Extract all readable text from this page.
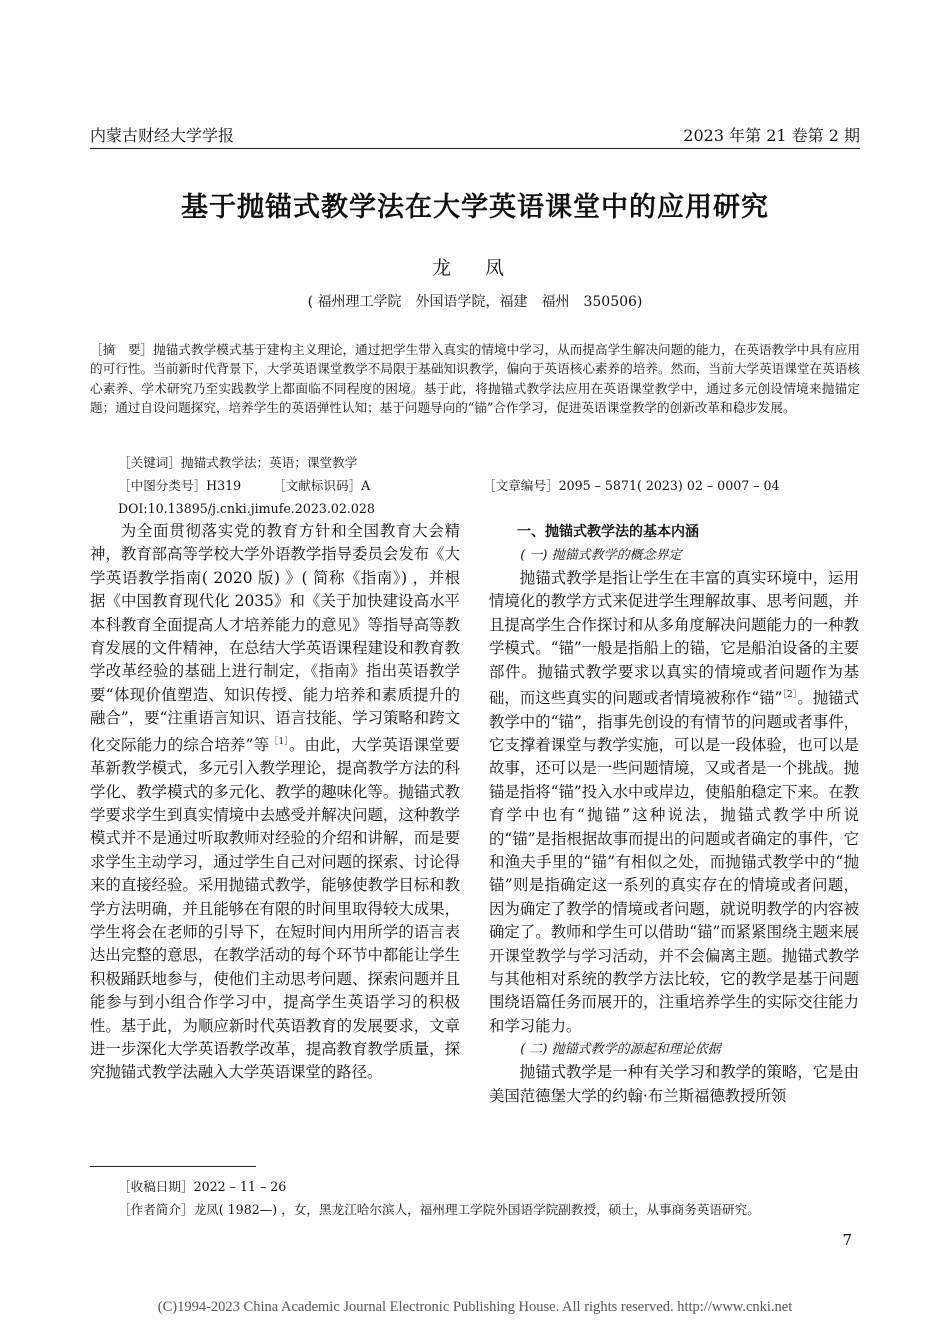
内蒙古财经大学学报	2023 年第 21 卷第 2 期
基于抛锚式教学法在大学英语课堂中的应用研究
龙 凤
( 福州理工学院　外国语学院，福建　福州　350506)
［摘　要］抛锚式教学模式基于建构主义理论，通过把学生带入真实的情境中学习，从而提高学生解决问题的能力，在英语教学中具有应用的可行性。当前新时代背景下，大学英语课堂教学不局限于基础知识教学，偏向于英语核心素养的培养。然而，当前大学英语课堂在英语核心素养、学术研究乃至实践教学上都面临不同程度的困境。基于此，将抛锚式教学法应用在英语课堂教学中，通过多元创设情境来抛锚定题；通过自设问题探究，培养学生的英语弹性认知；基于问题导向的“锚”合作学习，促进英语课堂教学的创新改革和稳步发展。
［关键词］抛锚式教学法；英语；课堂教学
［中图分类号］H319	［文献标识码］A	［文章编号］2095 – 5871( 2023) 02 – 0007 – 04
DOI:10.13895/j.cnki.jimufe.2023.02.028

为全面贯彻落实党的教育方针和全国教育大会精神，教育部高等学校大学外语教学指导委员会发布《大学英语教学指南( 2020 版) 》( 简称《指南》) ，并根据《中国教育现代化 2035》和《关于加快建设高水平本科教育全面提高人才培养能力的意见》等指导高等教育发展的文件精神，在总结大学英语课程建设和教育教学改革经验的基础上进行制定，《指南》指出英语教学要“体现价值塑造、知识传授、能力培养和素质提升的融合”，要“注重语言知识、语言技能、学习策略和跨文化交际能力的综合培养”等$^{[1]}$。由此，大学英语课堂要革新教学模式，多元引入教学理论，提高教学方法的科学化、教学模式的多元化、教学的趣味化等。抛锚式教学要求学生到真实情境中去感受并解决问题，这种教学模式并不是通过听取教师对经验的介绍和讲解，而是要求学生主动学习，通过学生自己对问题的探索、讨论得来的直接经验。采用抛锚式教学，能够使教学目标和教学方法明确，并且能够在有限的时间里取得较大成果，学生将会在老师的引导下，在短时间内用所学的语言表达出完整的意思，在教学活动的每个环节中都能让学生积极踊跃地参与，使他们主动思考问题、探索问题并且能参与到小组合作学习中，提高学生英语学习的积极性。基于此，为顺应新时代英语教育的发展要求，文章进一步深化大学英语教学改革，提高教育教学质量，探究抛锚式教学法融入大学英语课堂的路径。

一、抛锚式教学法的基本内涵
( 一) 抛锚式教学的概念界定

抛锚式教学是指让学生在丰富的真实环境中，运用情境化的教学方式来促进学生理解故事、思考问题，并且提高学生合作探讨和从多角度解决问题能力的一种教学模式。“锚”一般是指船上的锚，它是船泊设备的主要部件。抛锚式教学要求以真实的情境或者问题作为基础，而这些真实的问题或者情境被称作“锚”$^{[2]}$。抛锚式教学中的“锚”，指事先创设的有情节的问题或者事件，它支撑着课堂与教学实施，可以是一段体验，也可以是故事，还可以是一些问题情境，又或者是一个挑战。抛锚是指将“锚”投入水中或岸边，使船舶稳定下来。在教育学中也有“抛锚”这种说法，抛锚式教学中所说的“锚”是指根据故事而提出的问题或者确定的事件，它和渔夫手里的“锚”有相似之处，而抛锚式教学中的“抛锚”则是指确定这一系列的真实存在的情境或者问题，因为确定了教学的情境或者问题，就说明教学的内容被确定了。教师和学生可以借助“锚”而紧紧围绕主题来展开课堂教学与学习活动，并不会偏离主题。抛锚式教学与其他相对系统的教学方法比较，它的教学是基于问题围绕语篇任务而展开的，注重培养学生的实际交往能力和学习能力。

( 二) 抛锚式教学的源起和理论依据

抛锚式教学是一种有关学习和教学的策略，它是由美国范德堡大学的约翰·布兰斯福德教授所领

［收稿日期］2022 – 11 – 26
［作者简介］龙凤( 1982—) ，女，黑龙江哈尔滨人，福州理工学院外国语学院副教授，硕士，从事商务英语研究。
7
(C)1994-2023 China Academic Journal Electronic Publishing House. All rights reserved. http://www.cnki.net
